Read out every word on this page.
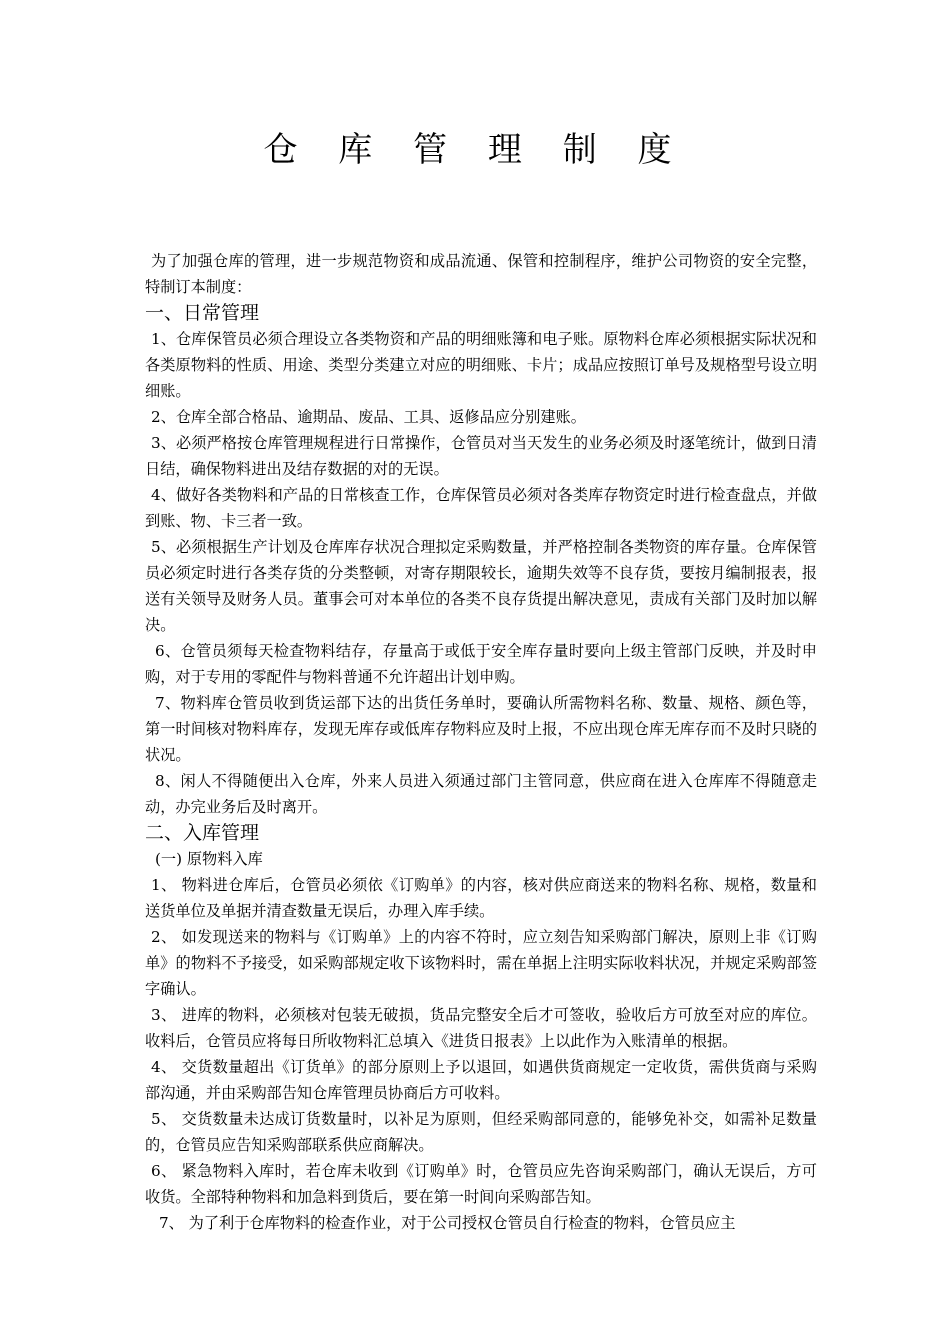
仓 库 管 理 制 度

为了加强仓库的管理，进一步规范物资和成品流通、保管和控制程序，维护公司物资的安全完整，特制订本制度：

一、日常管理

1、仓库保管员必须合理设立各类物资和产品的明细账簿和电子账。原物料仓库必须根据实际状况和各类原物料的性质、用途、类型分类建立对应的明细账、卡片；成品应按照订单号及规格型号设立明细账。

2、仓库全部合格品、逾期品、废品、工具、返修品应分别建账。

3、必须严格按仓库管理规程进行日常操作，仓管员对当天发生的业务必须及时逐笔统计，做到日清日结，确保物料进出及结存数据的对的无误。

4、做好各类物料和产品的日常核查工作，仓库保管员必须对各类库存物资定时进行检查盘点，并做到账、物、卡三者一致。

5、必须根据生产计划及仓库库存状况合理拟定采购数量，并严格控制各类物资的库存量。仓库保管员必须定时进行各类存货的分类整顿，对寄存期限较长，逾期失效等不良存货，要按月编制报表，报送有关领导及财务人员。董事会可对本单位的各类不良存货提出解决意见，责成有关部门及时加以解决。

6、仓管员须每天检查物料结存，存量高于或低于安全库存量时要向上级主管部门反映，并及时申购，对于专用的零配件与物料普通不允许超出计划申购。

7、物料库仓管员收到货运部下达的出货任务单时，要确认所需物料名称、数量、规格、颜色等，第一时间核对物料库存，发现无库存或低库存物料应及时上报，不应出现仓库无库存而不及时只晓的状况。

8、闲人不得随便出入仓库，外来人员进入须通过部门主管同意，供应商在进入仓库库不得随意走动，办完业务后及时离开。

二、入库管理

(一) 原物料入库

1、 物料进仓库后，仓管员必须依《订购单》的内容，核对供应商送来的物料名称、规格，数量和送货单位及单据并清查数量无误后，办理入库手续。

2、 如发现送来的物料与《订购单》上的内容不符时，应立刻告知采购部门解决，原则上非《订购单》的物料不予接受，如采购部规定收下该物料时，需在单据上注明实际收料状况，并规定采购部签字确认。

3、 进库的物料，必须核对包装无破损，货品完整安全后才可签收，验收后方可放至对应的库位。收料后，仓管员应将每日所收物料汇总填入《进货日报表》上以此作为入账清单的根据。

4、 交货数量超出《订货单》的部分原则上予以退回，如遇供货商规定一定收货，需供货商与采购部沟通，并由采购部告知仓库管理员协商后方可收料。

5、 交货数量未达成订货数量时，以补足为原则，但经采购部同意的，能够免补交，如需补足数量的，仓管员应告知采购部联系供应商解决。

6、 紧急物料入库时，若仓库未收到《订购单》时，仓管员应先咨询采购部门，确认无误后，方可收货。全部特种物料和加急料到货后，要在第一时间向采购部告知。

7、 为了利于仓库物料的检查作业，对于公司授权仓管员自行检查的物料，仓管员应主
